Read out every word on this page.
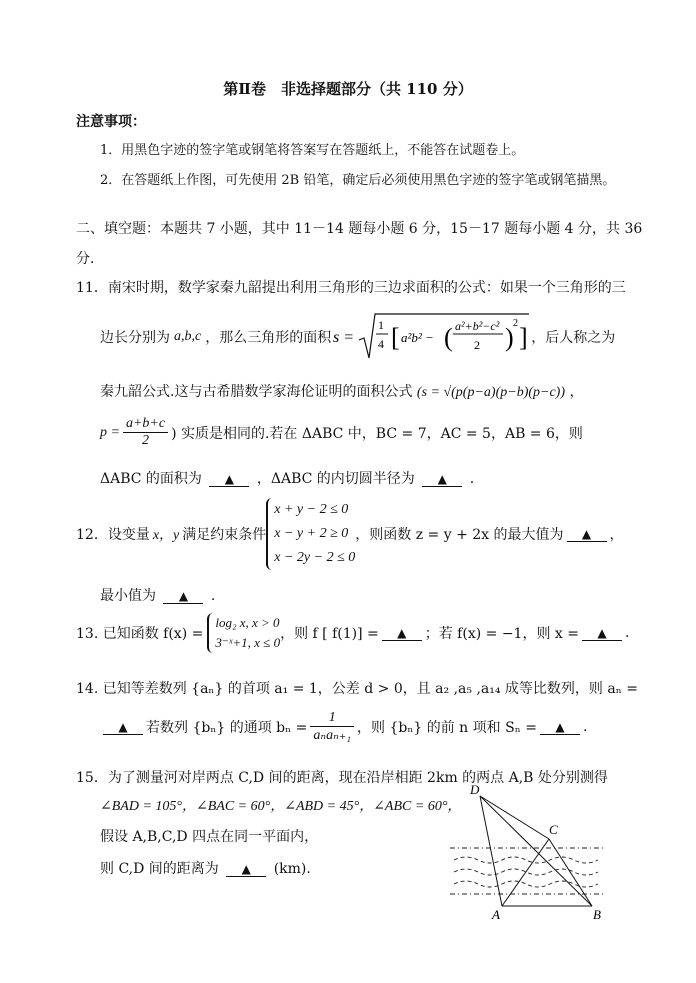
第Ⅱ卷　非选择题部分（共 110 分）
注意事项：
1．用黑色字迹的签字笔或钢笔将答案写在答题纸上，不能答在试题卷上。
2．在答题纸上作图，可先使用 2B 铅笔，确定后必须使用黑色字迹的签字笔或钢笔描黑。
二、填空题：本题共 7 小题，其中 11－14 题每小题 6 分，15－17 题每小题 4 分，共 36
分．
11．南宋时期，数学家秦九韶提出利用三角形的三边求面积的公式：如果一个三角形的三
边长分别为 a,b,c ，那么三角形的面积 s =
1
4 [ a²b² − ( a²+b²−c²
2 ) 2 ] ，后人称之为
秦九韶公式.这与古希腊数学家海伦证明的面积公式 (s = √(p(p−a)(p−b)(p−c)) ，
$p = \frac{a+b+c}{2}$ ) 实质是相同的.若在 ΔABC 中，BC = 7，AC = 5，AB = 6，则
ΔABC 的面积为 ▲ ，ΔABC 的内切圆半径为 ▲ .
12．设变量 x，y 满足约束条件
x + y − 2 ≤ 0
x − y + 2 ≥ 0
x − 2y − 2 ≤ 0
，则函数 z = y + 2x 的最大值为	▲	，
最小值为 ▲ .
13. 已知函数 f(x) =
log₂ x, x > 0
3⁻ˣ+1, x ≤ 0
，则 f [ f(1)] =	▲	；若 f(x) = −1，则 x =	▲	.
14. 已知等差数列 {aₙ} 的首项 a₁ = 1，公差 d > 0，且 a₂ ,a₅ ,a₁₄ 成等比数列，则 aₙ =
▲	若数列 {bₙ} 的通项 $b_n = \frac{1}{\text{aₙaₙ₊₁}}$ ，则 {bₙ} 的前 n 项和 Sₙ =	▲	.
15．为了测量河对岸两点 C,D 间的距离，现在沿岸相距 2km 的两点 A,B 处分别测得
∠BAD = 105°，∠BAC = 60°，∠ABD = 45°，∠ABC = 60°，
假设 A,B,C,D 四点在同一平面内，
则 C,D 间的距离为 ▲ (km).
D
C
A	B
